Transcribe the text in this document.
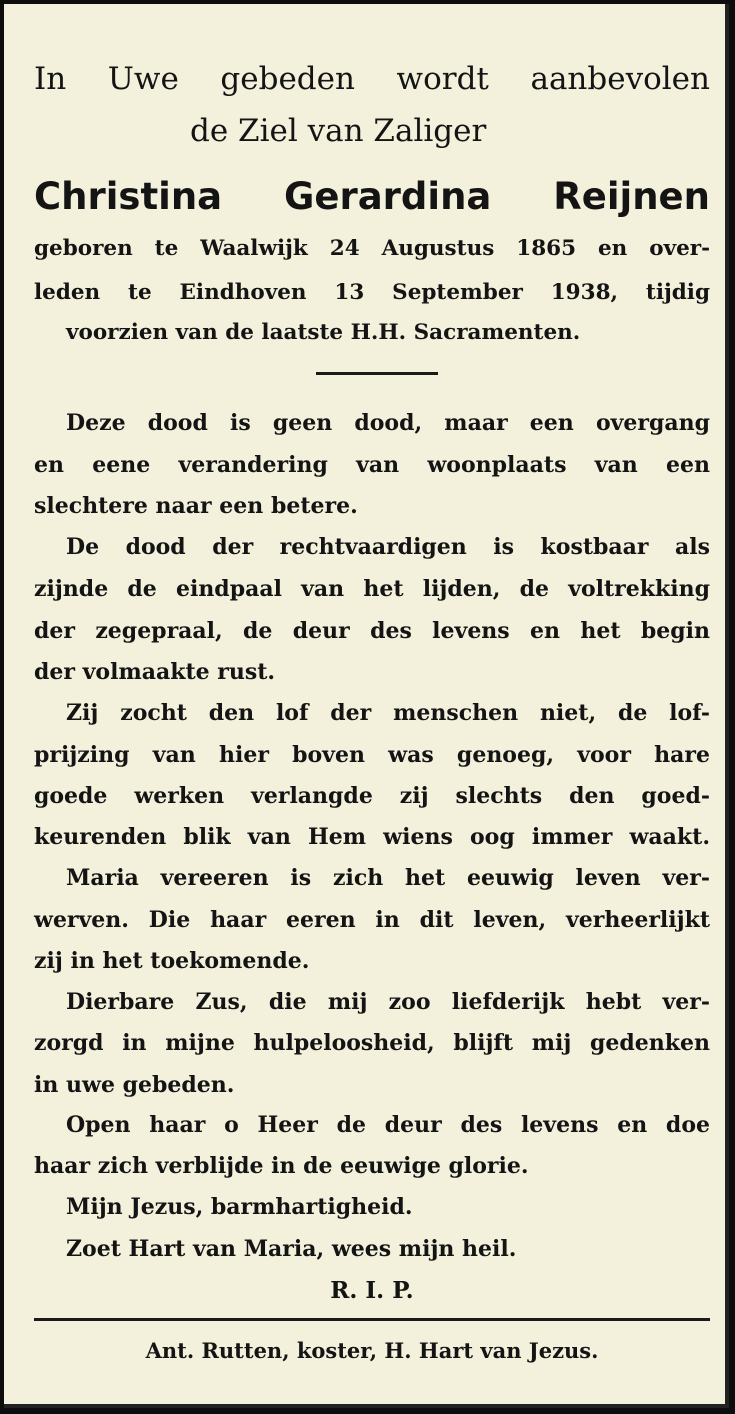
In Uwe gebeden wordt aanbevolen
de Ziel van Zaliger
Christina Gerardina Reijnen
geboren te Waalwijk 24 Augustus 1865 en over-
leden te Eindhoven 13 September 1938, tijdig
voorzien van de laatste H.H. Sacramenten.
Deze dood is geen dood, maar een overgang
en eene verandering van woonplaats van een
slechtere naar een betere.
De dood der rechtvaardigen is kostbaar als
zijnde de eindpaal van het lijden, de voltrekking
der zegepraal, de deur des levens en het begin
der volmaakte rust.
Zij zocht den lof der menschen niet, de lof-
prijzing van hier boven was genoeg, voor hare
goede werken verlangde zij slechts den goed-
keurenden blik van Hem wiens oog immer waakt.
Maria vereeren is zich het eeuwig leven ver-
werven. Die haar eeren in dit leven, verheerlijkt
zij in het toekomende.
Dierbare Zus, die mij zoo liefderijk hebt ver-
zorgd in mijne hulpeloosheid, blijft mij gedenken
in uwe gebeden.
Open haar o Heer de deur des levens en doe
haar zich verblijde in de eeuwige glorie.
Mijn Jezus, barmhartigheid.
Zoet Hart van Maria, wees mijn heil.
R. I. P.
Ant. Rutten, koster, H. Hart van Jezus.
